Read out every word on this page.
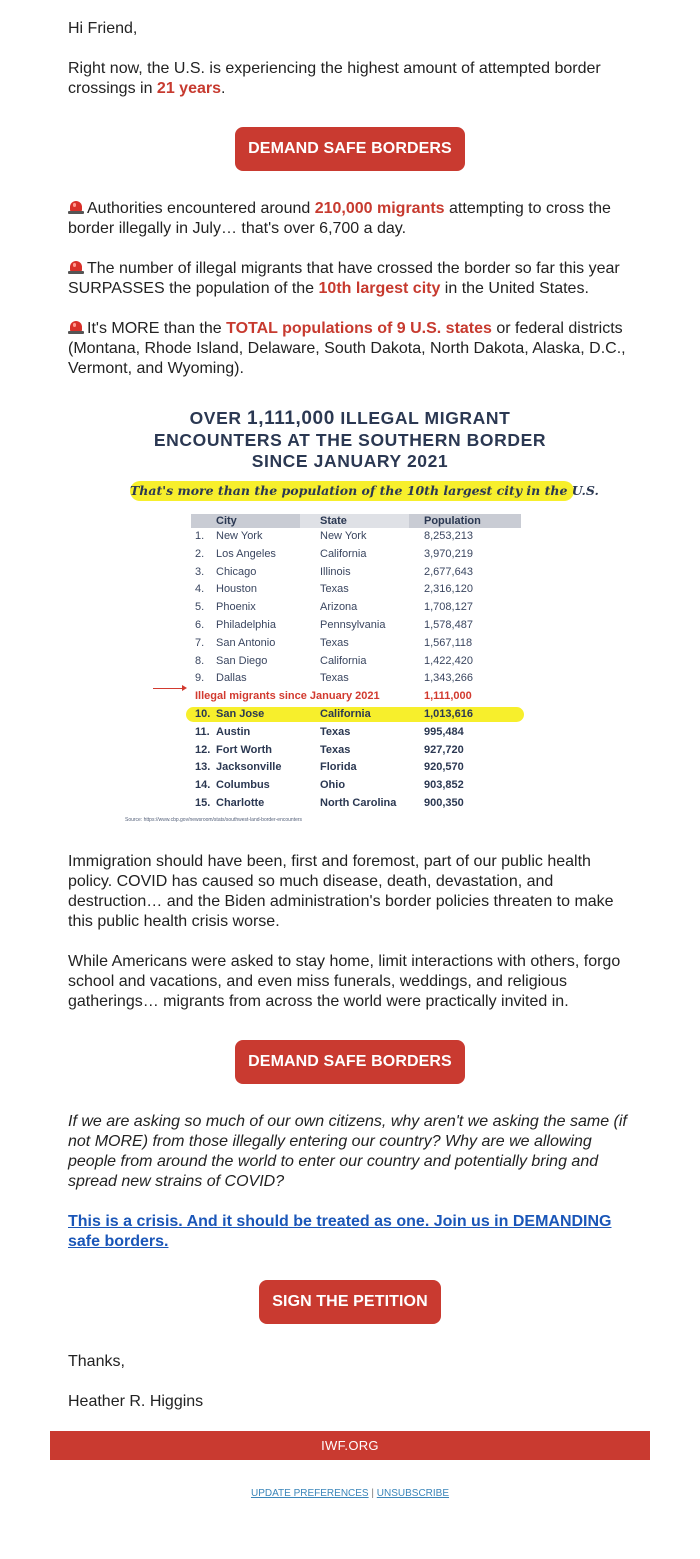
Hi Friend,

Right now, the U.S. is experiencing the highest amount of attempted border crossings in 21 years.

DEMAND SAFE BORDERS

Authorities encountered around 210,000 migrants attempting to cross the border illegally in July… that's over 6,700 a day.

The number of illegal migrants that have crossed the border so far this year SURPASSES the population of the 10th largest city in the United States.

It's MORE than the TOTAL populations of 9 U.S. states or federal districts (Montana, Rhode Island, Delaware, South Dakota, North Dakota, Alaska, D.C., Vermont, and Wyoming).

OVER 1,111,000 ILLEGAL MIGRANT
ENCOUNTERS AT THE SOUTHERN BORDER
SINCE JANUARY 2021
That's more than the population of the 10th largest city in the U.S.
City	State	Population
1. New York	New York	8,253,213
2. Los Angeles	California	3,970,219
3. Chicago	Illinois	2,677,643
4. Houston	Texas	2,316,120
5. Phoenix	Arizona	1,708,127
6. Philadelphia	Pennsylvania	1,578,487
7. San Antonio	Texas	1,567,118
8. San Diego	California	1,422,420
9. Dallas	Texas	1,343,266
Illegal migrants since January 2021	1,111,000
10. San Jose	California	1,013,616
11. Austin	Texas	995,484
12. Fort Worth	Texas	927,720
13. Jacksonville	Florida	920,570
14. Columbus	Ohio	903,852
15. Charlotte	North Carolina	900,350
Source: https://www.cbp.gov/newsroom/stats/southwest-land-border-encounters

Immigration should have been, first and foremost, part of our public health policy. COVID has caused so much disease, death, devastation, and destruction… and the Biden administration's border policies threaten to make this public health crisis worse.

While Americans were asked to stay home, limit interactions with others, forgo school and vacations, and even miss funerals, weddings, and religious gatherings… migrants from across the world were practically invited in.

DEMAND SAFE BORDERS

If we are asking so much of our own citizens, why aren't we asking the same (if not MORE) from those illegally entering our country? Why are we allowing people from around the world to enter our country and potentially bring and spread new strains of COVID?

This is a crisis. And it should be treated as one. Join us in DEMANDING safe borders.

SIGN THE PETITION

Thanks,

Heather R. Higgins

IWF.ORG
UPDATE PREFERENCES | UNSUBSCRIBE
